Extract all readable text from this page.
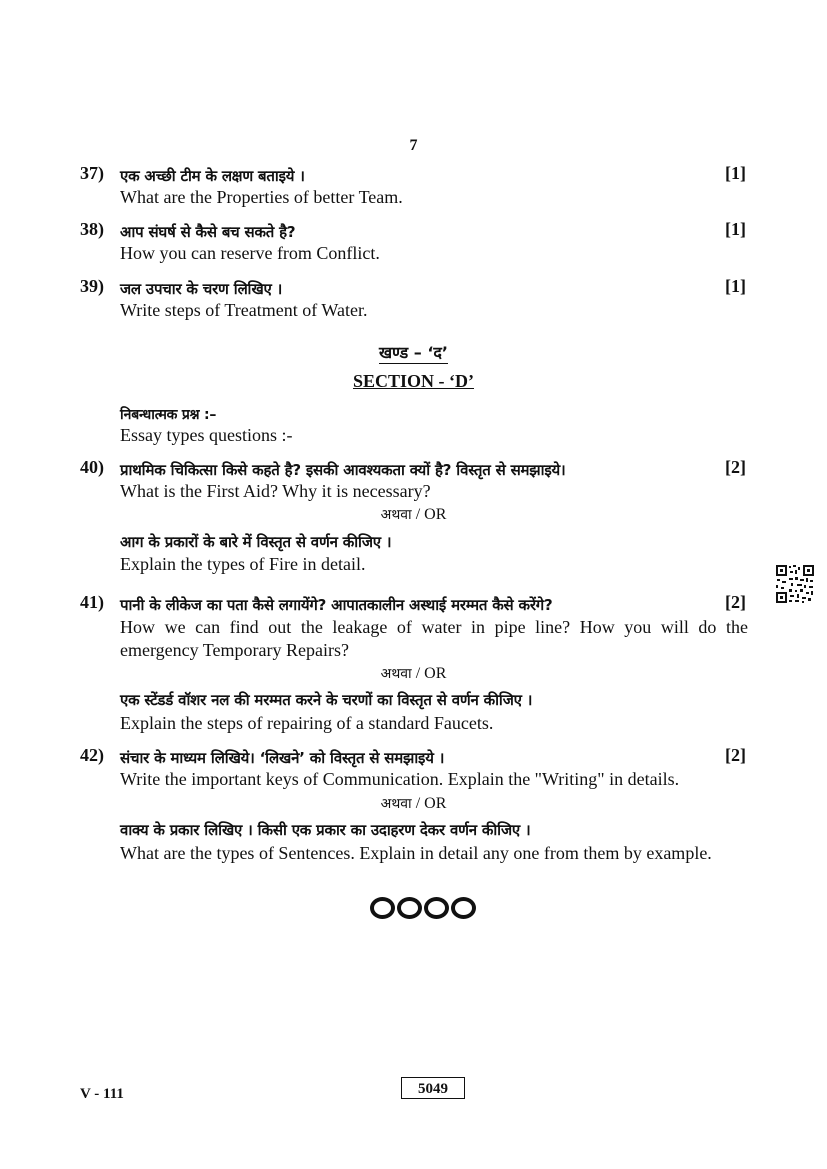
7
37) एक अच्छी टीम के लक्षण बताइये ।	[1]
What are the Properties of better Team.
38) आप संघर्ष से कैसे बच सकते है?	[1]
How you can reserve from Conflict.
39) जल उपचार के चरण लिखिए ।	[1]
Write steps of Treatment of Water.
खण्ड – ‘द’
SECTION - ‘D’
निबन्धात्मक प्रश्न :–
Essay types questions :-
40) प्राथमिक चिकित्सा किसे कहते है? इसकी आवश्यकता क्यों है? विस्तृत से समझाइये।	[2]
What is the First Aid? Why it is necessary?
अथवा / OR
आग के प्रकारों के बारे में विस्तृत से वर्णन कीजिए ।
Explain the types of Fire in detail.
41) पानी के लीकेज का पता कैसे लगायेंगे? आपातकालीन अस्थाई मरम्मत कैसे करेंगे?	[2]
How we can find out the leakage of water in pipe line? How you will do the emergency Temporary Repairs?
अथवा / OR
एक स्टेंडर्ड वॉशर नल की मरम्मत करने के चरणों का विस्तृत से वर्णन कीजिए ।
Explain the steps of repairing of a standard Faucets.
42) संचार के माध्यम लिखिये। ‘लिखने’ को विस्तृत से समझाइये ।	[2]
Write the important keys of Communication. Explain the "Writing" in details.
अथवा / OR
वाक्य के प्रकार लिखिए । किसी एक प्रकार का उदाहरण देकर वर्णन कीजिए ।
What are the types of Sentences. Explain in detail any one from them by example.
V - 111	5049
